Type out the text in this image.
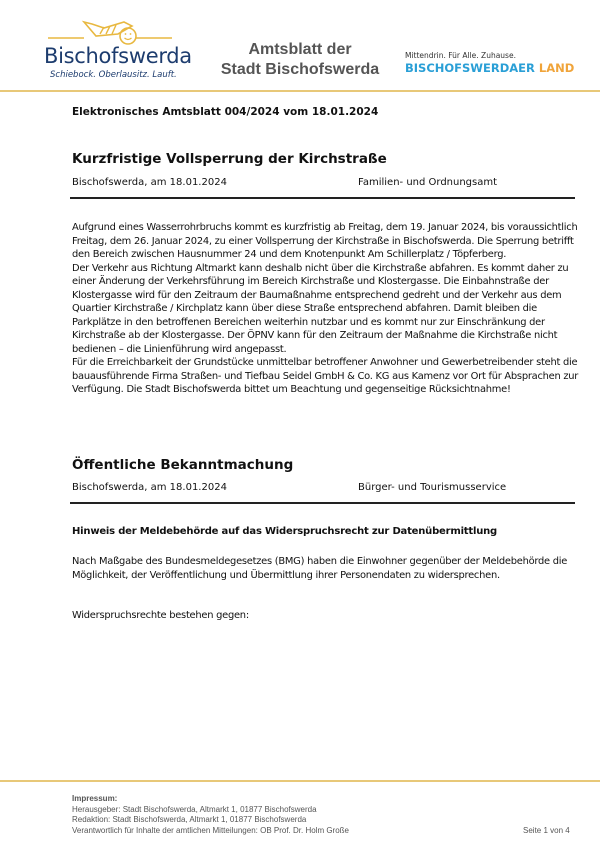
Bischofswerda
Schiebock. Oberlausitz. Lauft.
Amtsblatt der
Stadt Bischofswerda
Mittendrin. Für Alle. Zuhause.
BISCHOFSWERDAER LAND
Elektronisches Amtsblatt 004/2024 vom 18.01.2024
Kurzfristige Vollsperrung der Kirchstraße
Bischofswerda, am 18.01.2024	Familien- und Ordnungsamt

Aufgrund eines Wasserrohrbruchs kommt es kurzfristig ab Freitag, dem 19. Januar 2024, bis voraussichtlich Freitag, dem 26. Januar 2024, zu einer Vollsperrung der Kirchstraße in Bischofswerda. Die Sperrung betrifft den Bereich zwischen Hausnummer 24 und dem Knotenpunkt Am Schillerplatz / Töpferberg.

Der Verkehr aus Richtung Altmarkt kann deshalb nicht über die Kirchstraße abfahren. Es kommt daher zu einer Änderung der Verkehrsführung im Bereich Kirchstraße und Klostergasse. Die Einbahnstraße der Klostergasse wird für den Zeitraum der Baumaßnahme entsprechend gedreht und der Verkehr aus dem Quartier Kirchstraße / Kirchplatz kann über diese Straße entsprechend abfahren. Damit bleiben die Parkplätze in den betroffenen Bereichen weiterhin nutzbar und es kommt nur zur Einschränkung der Kirchstraße ab der Klostergasse. Der ÖPNV kann für den Zeitraum der Maßnahme die Kirchstraße nicht bedienen – die Linienführung wird angepasst.

Für die Erreichbarkeit der Grundstücke unmittelbar betroffener Anwohner und Gewerbetreibender steht die bauausführende Firma Straßen- und Tiefbau Seidel GmbH & Co. KG aus Kamenz vor Ort für Absprachen zur Verfügung. Die Stadt Bischofswerda bittet um Beachtung und gegenseitige Rücksichtnahme!

Öffentliche Bekanntmachung
Bischofswerda, am 18.01.2024	Bürger- und Tourismusservice
Hinweis der Meldebehörde auf das Widerspruchsrecht zur Datenübermittlung

Nach Maßgabe des Bundesmeldegesetzes (BMG) haben die Einwohner gegenüber der Meldebehörde die Möglichkeit, der Veröffentlichung und Übermittlung ihrer Personendaten zu widersprechen.

Widerspruchsrechte bestehen gegen:

Impressum:
Herausgeber: Stadt Bischofswerda, Altmarkt 1, 01877 Bischofswerda
Redaktion: Stadt Bischofswerda, Altmarkt 1, 01877 Bischofswerda
Verantwortlich für Inhalte der amtlichen Mitteilungen: OB Prof. Dr. Holm Große	Seite 1 von 4
